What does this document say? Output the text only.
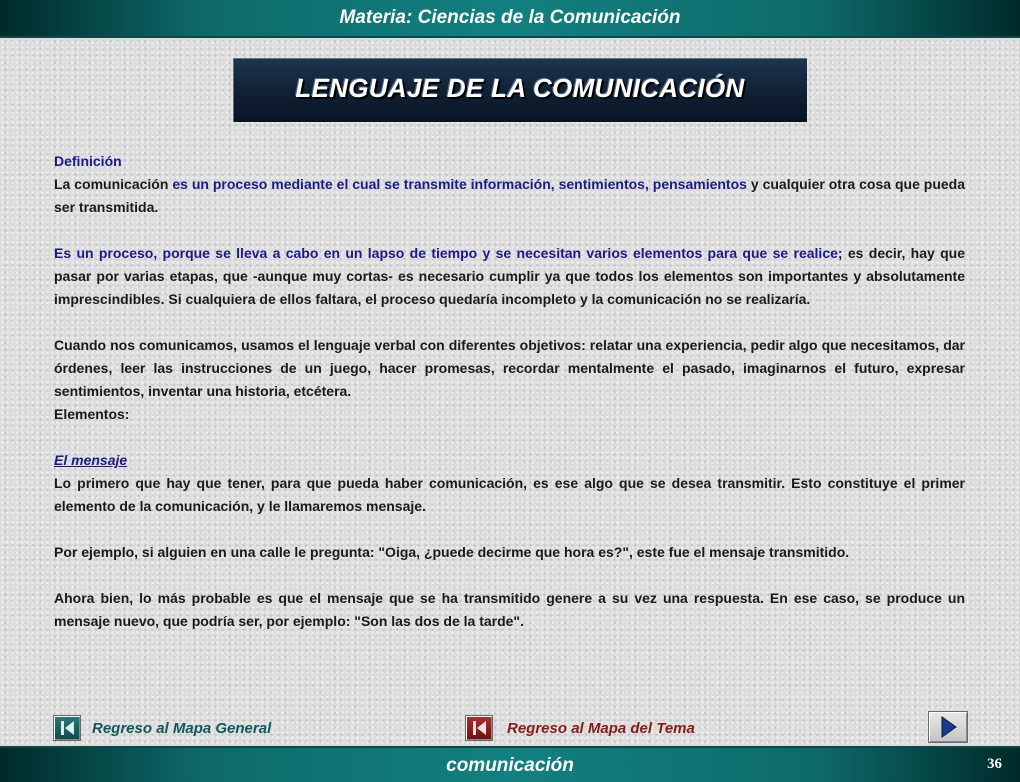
Materia: Ciencias de la Comunicación
LENGUAJE DE LA COMUNICACIÓN

Definición

La comunicación es un proceso mediante el cual se transmite información, sentimientos, pensamientos y cualquier otra cosa que pueda ser transmitida.

Es un proceso, porque se lleva a cabo en un lapso de tiempo y se necesitan varios elementos para que se realice; es decir, hay que pasar por varias etapas, que -aunque muy cortas- es necesario cumplir ya que todos los elementos son importantes y absolutamente imprescindibles. Si cualquiera de ellos faltara, el proceso quedaría incompleto y la comunicación no se realizaría.

Cuando nos comunicamos, usamos el lenguaje verbal con diferentes objetivos: relatar una experiencia, pedir algo que necesitamos, dar órdenes, leer las instrucciones de un juego, hacer promesas, recordar mentalmente el pasado, imaginarnos el futuro, expresar sentimientos, inventar una historia, etcétera.

Elementos:

El mensaje

Lo primero que hay que tener, para que pueda haber comunicación, es ese algo que se desea transmitir. Esto constituye el primer elemento de la comunicación, y le llamaremos mensaje.

Por ejemplo, si alguien en una calle le pregunta: "Oiga, ¿puede decirme que hora es?", este fue el mensaje transmitido.

Ahora bien, lo más probable es que el mensaje que se ha transmitido genere a su vez una respuesta. En ese caso, se produce un mensaje nuevo, que podría ser, por ejemplo: "Son las dos de la tarde".

Regreso al Mapa General	Regreso al Mapa del Tema
comunicación	36
